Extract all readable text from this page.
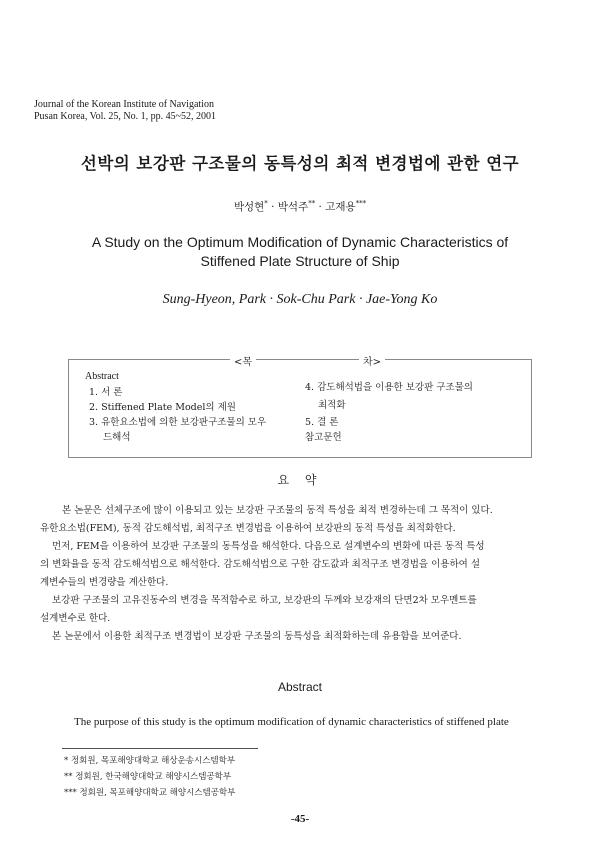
Journal of the Korean Institute of Navigation
Pusan Korea, Vol. 25, No. 1, pp. 45~52, 2001
선박의 보강판 구조물의 동특성의 최적 변경법에 관한 연구
박성현* · 박석주** · 고재용***
A Study on the Optimum Modification of Dynamic Characteristics of
Stiffened Plate Structure of Ship
Sung-Hyeon, Park · Sok-Chu Park · Jae-Yong Ko
<목	차>
Abstract
1. 서 론
2. Stiffened Plate Model의 제원
3. 유한요소법에 의한 보강판구조물의 모우
드해석
4. 감도해석법을 이용한 보강판 구조물의
최적화
5. 결 론
참고문헌
요 약
본 논문은 선체구조에 많이 이용되고 있는 보강판 구조물의 동적 특성을 최적 변경하는데 그 목적이 있다.
유한요소법(FEM), 동적 감도해석법, 최적구조 변경법을 이용하여 보강판의 동적 특성을 최적화한다.
먼저, FEM을 이용하여 보강판 구조물의 동특성을 해석한다. 다음으로 설계변수의 변화에 따른 동적 특성
의 변화율을 동적 감도해석법으로 해석한다. 감도해석법으로 구한 감도값과 최적구조 변경법을 이용하여 설
계변수들의 변경량을 계산한다.
보강판 구조물의 고유진동수의 변경을 목적함수로 하고, 보강판의 두께와 보강재의 단면2차 모우멘트를
설계변수로 한다.
본 논문에서 이용한 최적구조 변경법이 보강판 구조물의 동특성을 최적화하는데 유용함을 보여준다.
Abstract
The purpose of this study is the optimum modification of dynamic characteristics of stiffened plate
* 정회원, 목포해양대학교 해상운송시스템학부
** 정회원, 한국해양대학교 해양시스템공학부
*** 정회원, 목포해양대학교 해양시스템공학부
-45-
